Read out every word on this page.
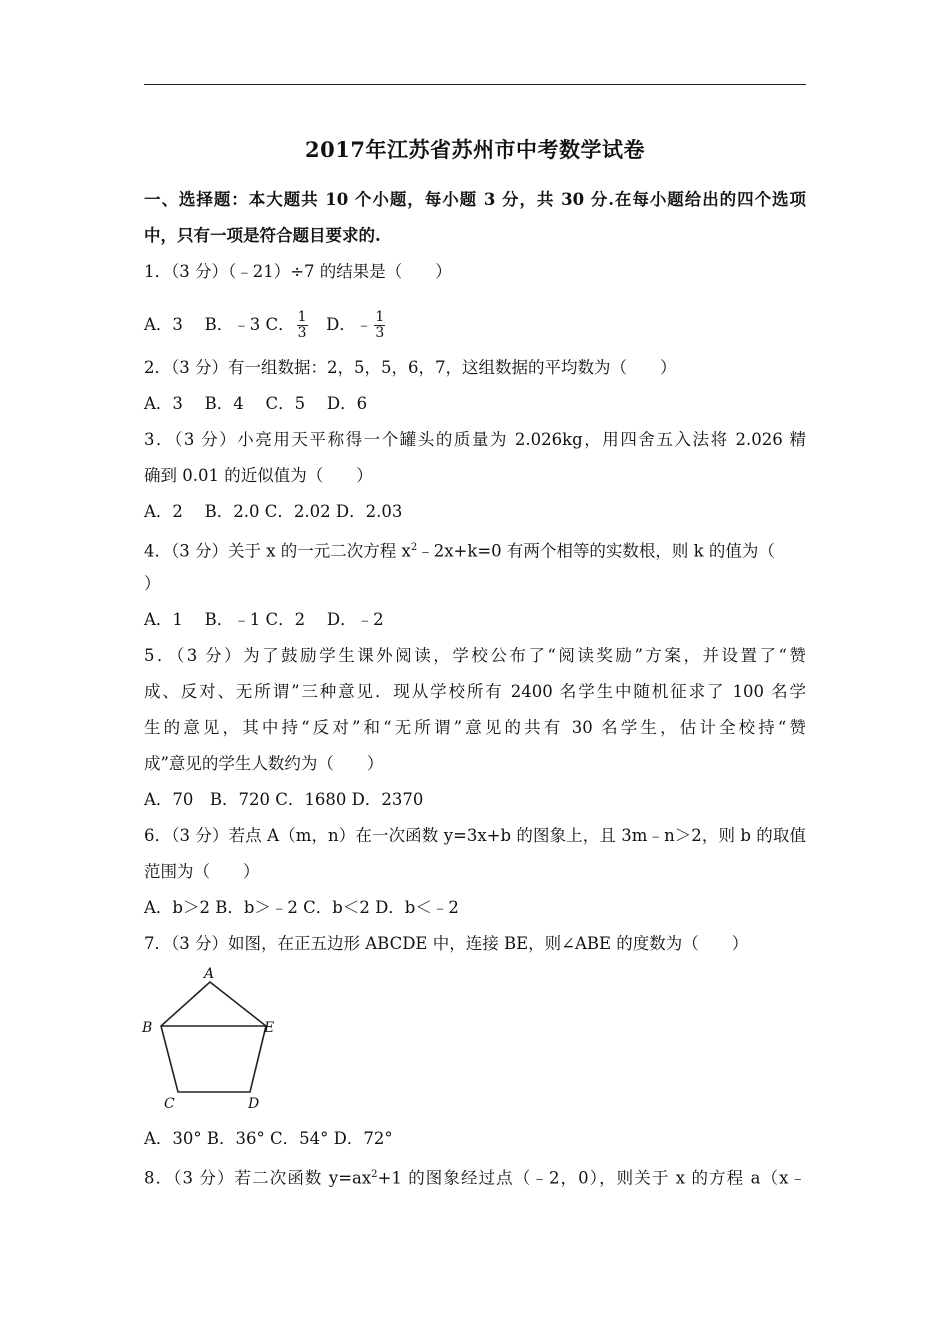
2017年江苏省苏州市中考数学试卷
一、选择题：本大题共 10 个小题，每小题 3 分，共 30 分.在每小题给出的四个选项
中，只有一项是符合题目要求的.
1．（3 分）（﹣21）÷7 的结果是（　　）
A．3　 B．﹣3 C． $\frac{1}{3}$ 　D．﹣ $\frac{1}{3}$
2．（3 分）有一组数据：2，5，5，6，7，这组数据的平均数为（　　）
A．3　 B．4　 C．5　 D．6
3．（3 分）小亮用天平称得一个罐头的质量为 2.026kg，用四舍五入法将 2.026 精
确到 0.01 的近似值为（　　）
A．2　 B．2.0 C．2.02 D．2.03
4．（3 分）关于 x 的一元二次方程 $x^2﹣2x+k=0$ 有两个相等的实数根，则 k 的值为（
）
A．1　 B．﹣1 C．2　 D．﹣2
5．（3 分）为了鼓励学生课外阅读，学校公布了“阅读奖励”方案，并设置了“赞
成、反对、无所谓”三种意见．现从学校所有 2400 名学生中随机征求了 100 名学
生的意见，其中持“反对”和“无所谓”意见的共有 30 名学生，估计全校持“赞
成”意见的学生人数约为（　　）
A．70　B．720 C．1680 D．2370
6．（3 分）若点 A（m，n）在一次函数 y=3x+b 的图象上，且 3m﹣n＞2，则 b 的取值
范围为（　　）
A．b＞2 B．b＞﹣2 C．b＜2 D．b＜﹣2
7．（3 分）如图，在正五边形 ABCDE 中，连接 BE，则∠ABE 的度数为（　　）
A
B
C	D
E
A．30° B．36° C．54° D．72°
8．（3 分）若二次函数 $y=ax^2+1$ 的图象经过点（﹣2，0），则关于 x 的方程 a（x﹣
